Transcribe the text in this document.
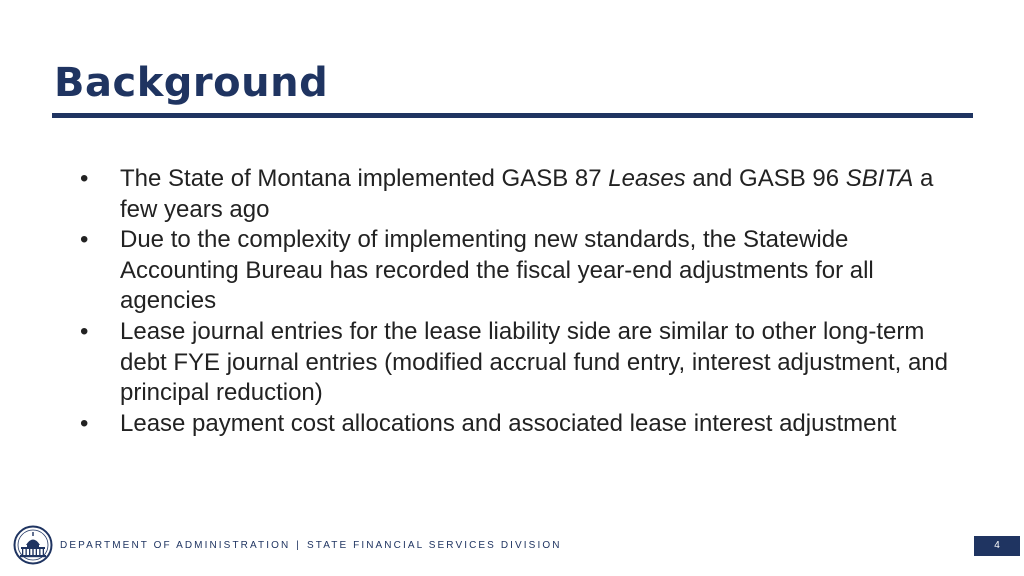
Background
•	The State of Montana implemented GASB 87 Leases and GASB 96 SBITA a few years ago
•	Due to the complexity of implementing new standards, the Statewide Accounting Bureau has recorded the fiscal year-end adjustments for all agencies
•	Lease journal entries for the lease liability side are similar to other long-term debt FYE journal entries (modified accrual fund entry, interest adjustment, and principal reduction)
•	Lease payment cost allocations and associated lease interest adjustment
DEPARTMENT OF ADMINISTRATION | STATE FINANCIAL SERVICES DIVISION	4
